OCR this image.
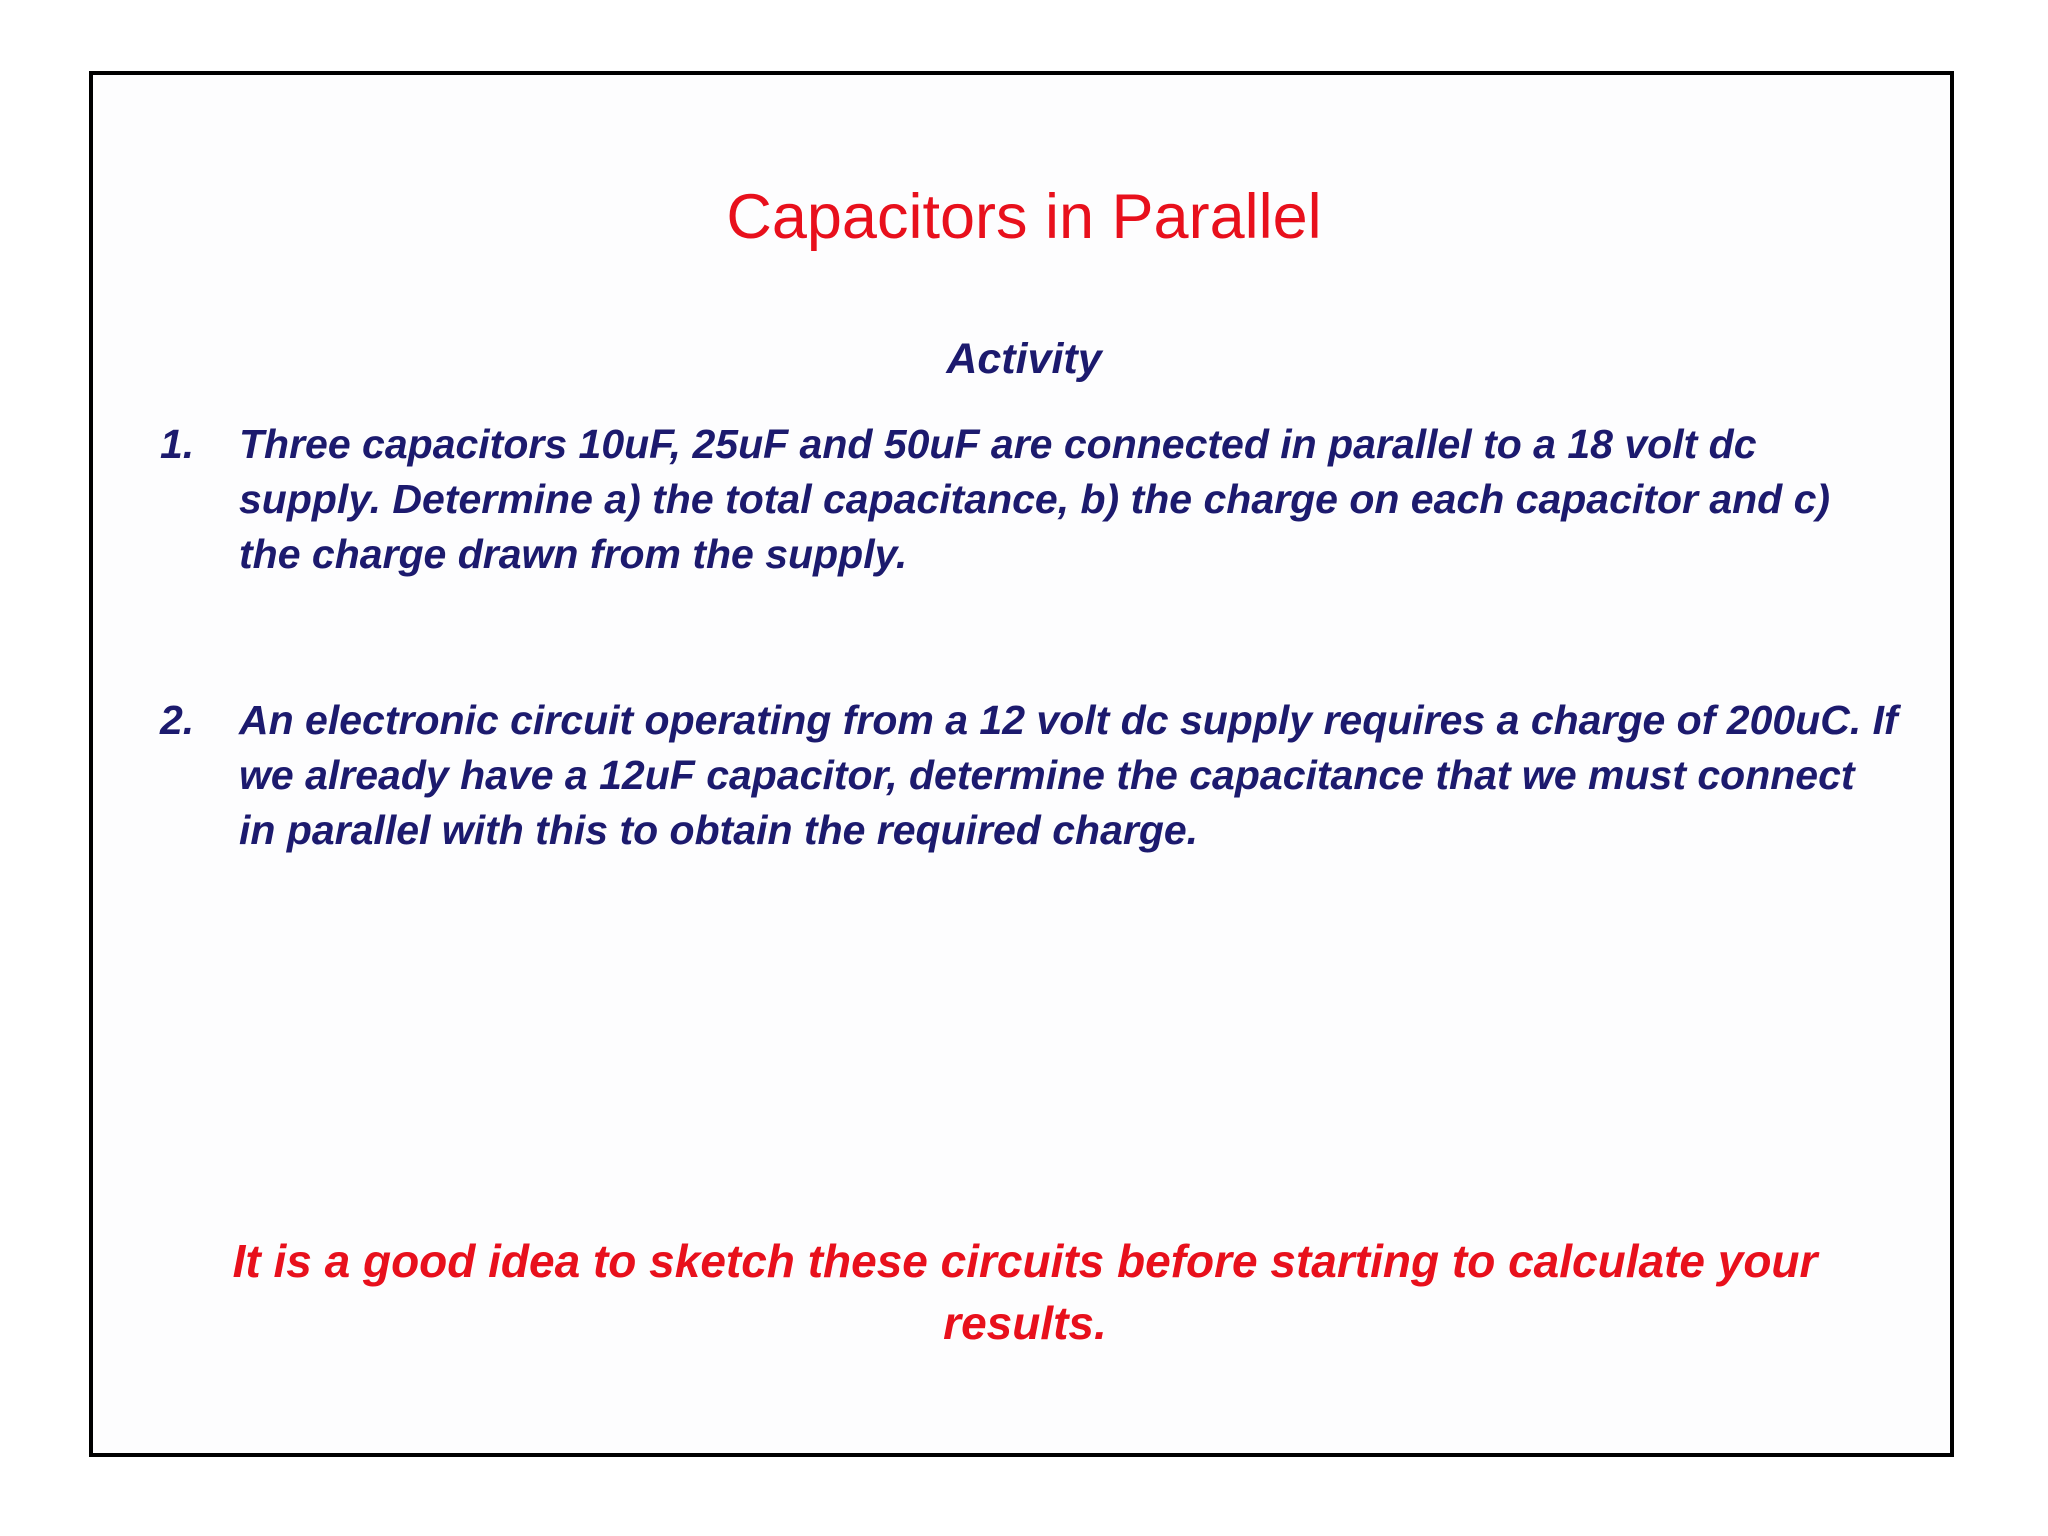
Capacitors in Parallel
Activity
1. Three capacitors 10uF, 25uF and 50uF are connected in parallel to a 18 volt dc supply. Determine a) the total capacitance, b) the charge on each capacitor and c) the charge drawn from the supply.
2. An electronic circuit operating from a 12 volt dc supply requires a charge of 200uC. If we already have a 12uF capacitor, determine the capacitance that we must connect in parallel with this to obtain the required charge.
It is a good idea to sketch these circuits before starting to calculate your results.
